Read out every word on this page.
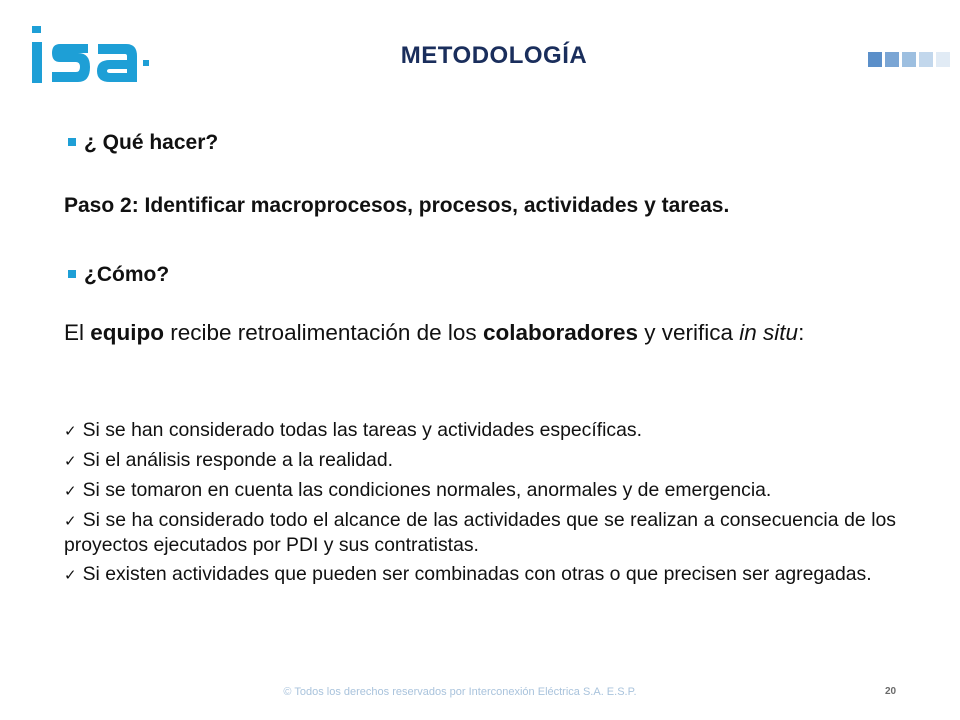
METODOLOGÍA
¿ Qué hacer?
Paso 2: Identificar macroprocesos, procesos, actividades y tareas.
¿Cómo?
El equipo recibe retroalimentación de los colaboradores y verifica in situ:
✓ Si se han considerado todas las tareas y actividades específicas.
✓ Si el análisis responde a la realidad.
✓ Si se tomaron en cuenta las condiciones normales, anormales y de emergencia.
✓ Si se ha considerado todo el alcance de las actividades que se realizan a consecuencia de los proyectos ejecutados por PDI y sus contratistas.
✓ Si existen actividades que pueden ser combinadas con otras o que precisen ser agregadas.
© Todos los derechos reservados por Interconexión Eléctrica S.A. E.S.P.	20
